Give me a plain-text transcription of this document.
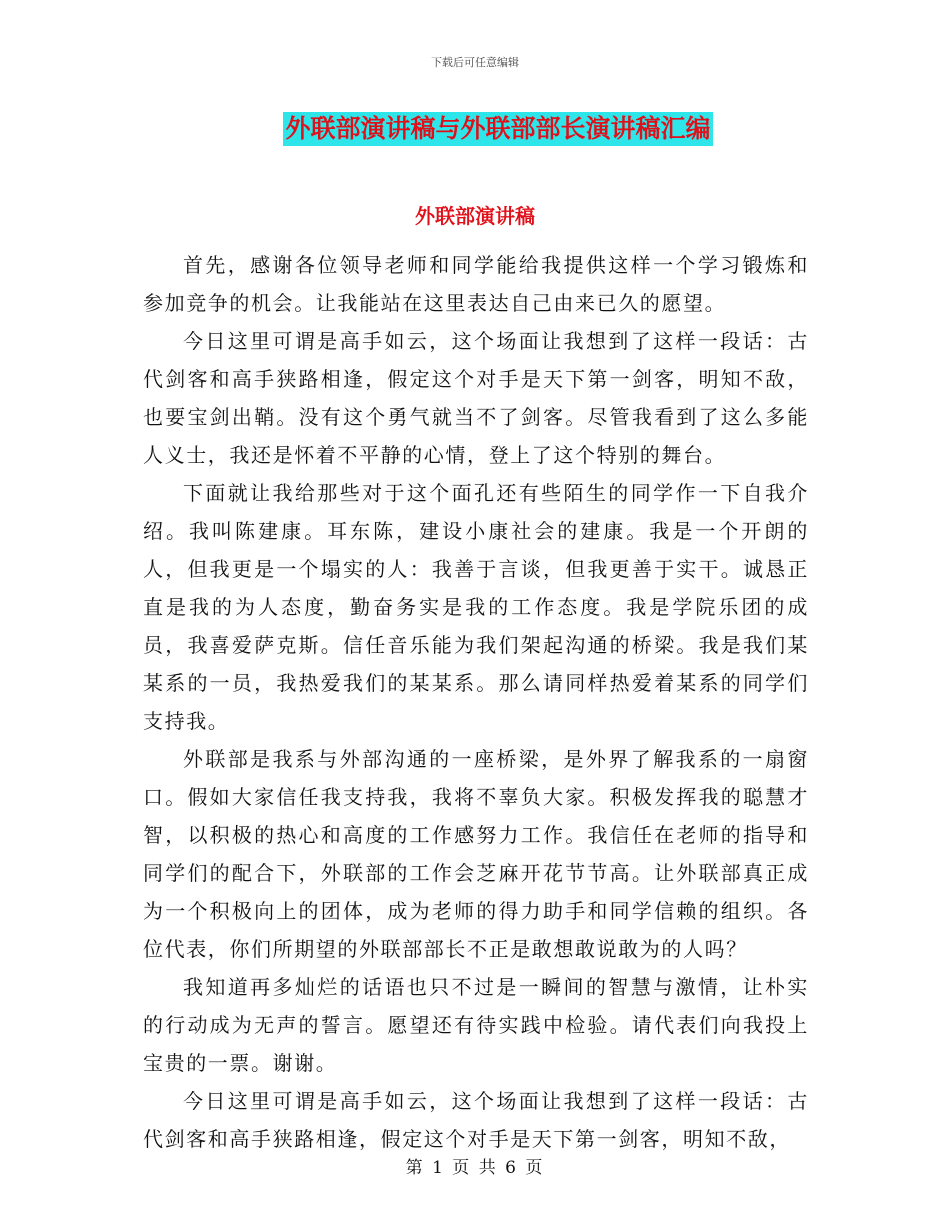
下载后可任意编辑
外联部演讲稿与外联部部长演讲稿汇编
外联部演讲稿

首先，感谢各位领导老师和同学能给我提供这样一个学习锻炼和参加竞争的机会。让我能站在这里表达自己由来已久的愿望。

今日这里可谓是高手如云，这个场面让我想到了这样一段话：古代剑客和高手狭路相逢，假定这个对手是天下第一剑客，明知不敌，也要宝剑出鞘。没有这个勇气就当不了剑客。尽管我看到了这么多能人义士，我还是怀着不平静的心情，登上了这个特别的舞台。

下面就让我给那些对于这个面孔还有些陌生的同学作一下自我介绍。我叫陈建康。耳东陈，建设小康社会的建康。我是一个开朗的人，但我更是一个塌实的人：我善于言谈，但我更善于实干。诚恳正直是我的为人态度，勤奋务实是我的工作态度。我是学院乐团的成员，我喜爱萨克斯。信任音乐能为我们架起沟通的桥梁。我是我们某某系的一员，我热爱我们的某某系。那么请同样热爱着某系的同学们支持我。

外联部是我系与外部沟通的一座桥梁，是外界了解我系的一扇窗口。假如大家信任我支持我，我将不辜负大家。积极发挥我的聪慧才智，以积极的热心和高度的工作感努力工作。我信任在老师的指导和同学们的配合下，外联部的工作会芝麻开花节节高。让外联部真正成为一个积极向上的团体，成为老师的得力助手和同学信赖的组织。各位代表，你们所期望的外联部部长不正是敢想敢说敢为的人吗？

我知道再多灿烂的话语也只不过是一瞬间的智慧与激情，让朴实的行动成为无声的誓言。愿望还有待实践中检验。请代表们向我投上宝贵的一票。谢谢。

今日这里可谓是高手如云，这个场面让我想到了这样一段话：古代剑客和高手狭路相逢，假定这个对手是天下第一剑客，明知不敌，

第 1 页 共 6 页
